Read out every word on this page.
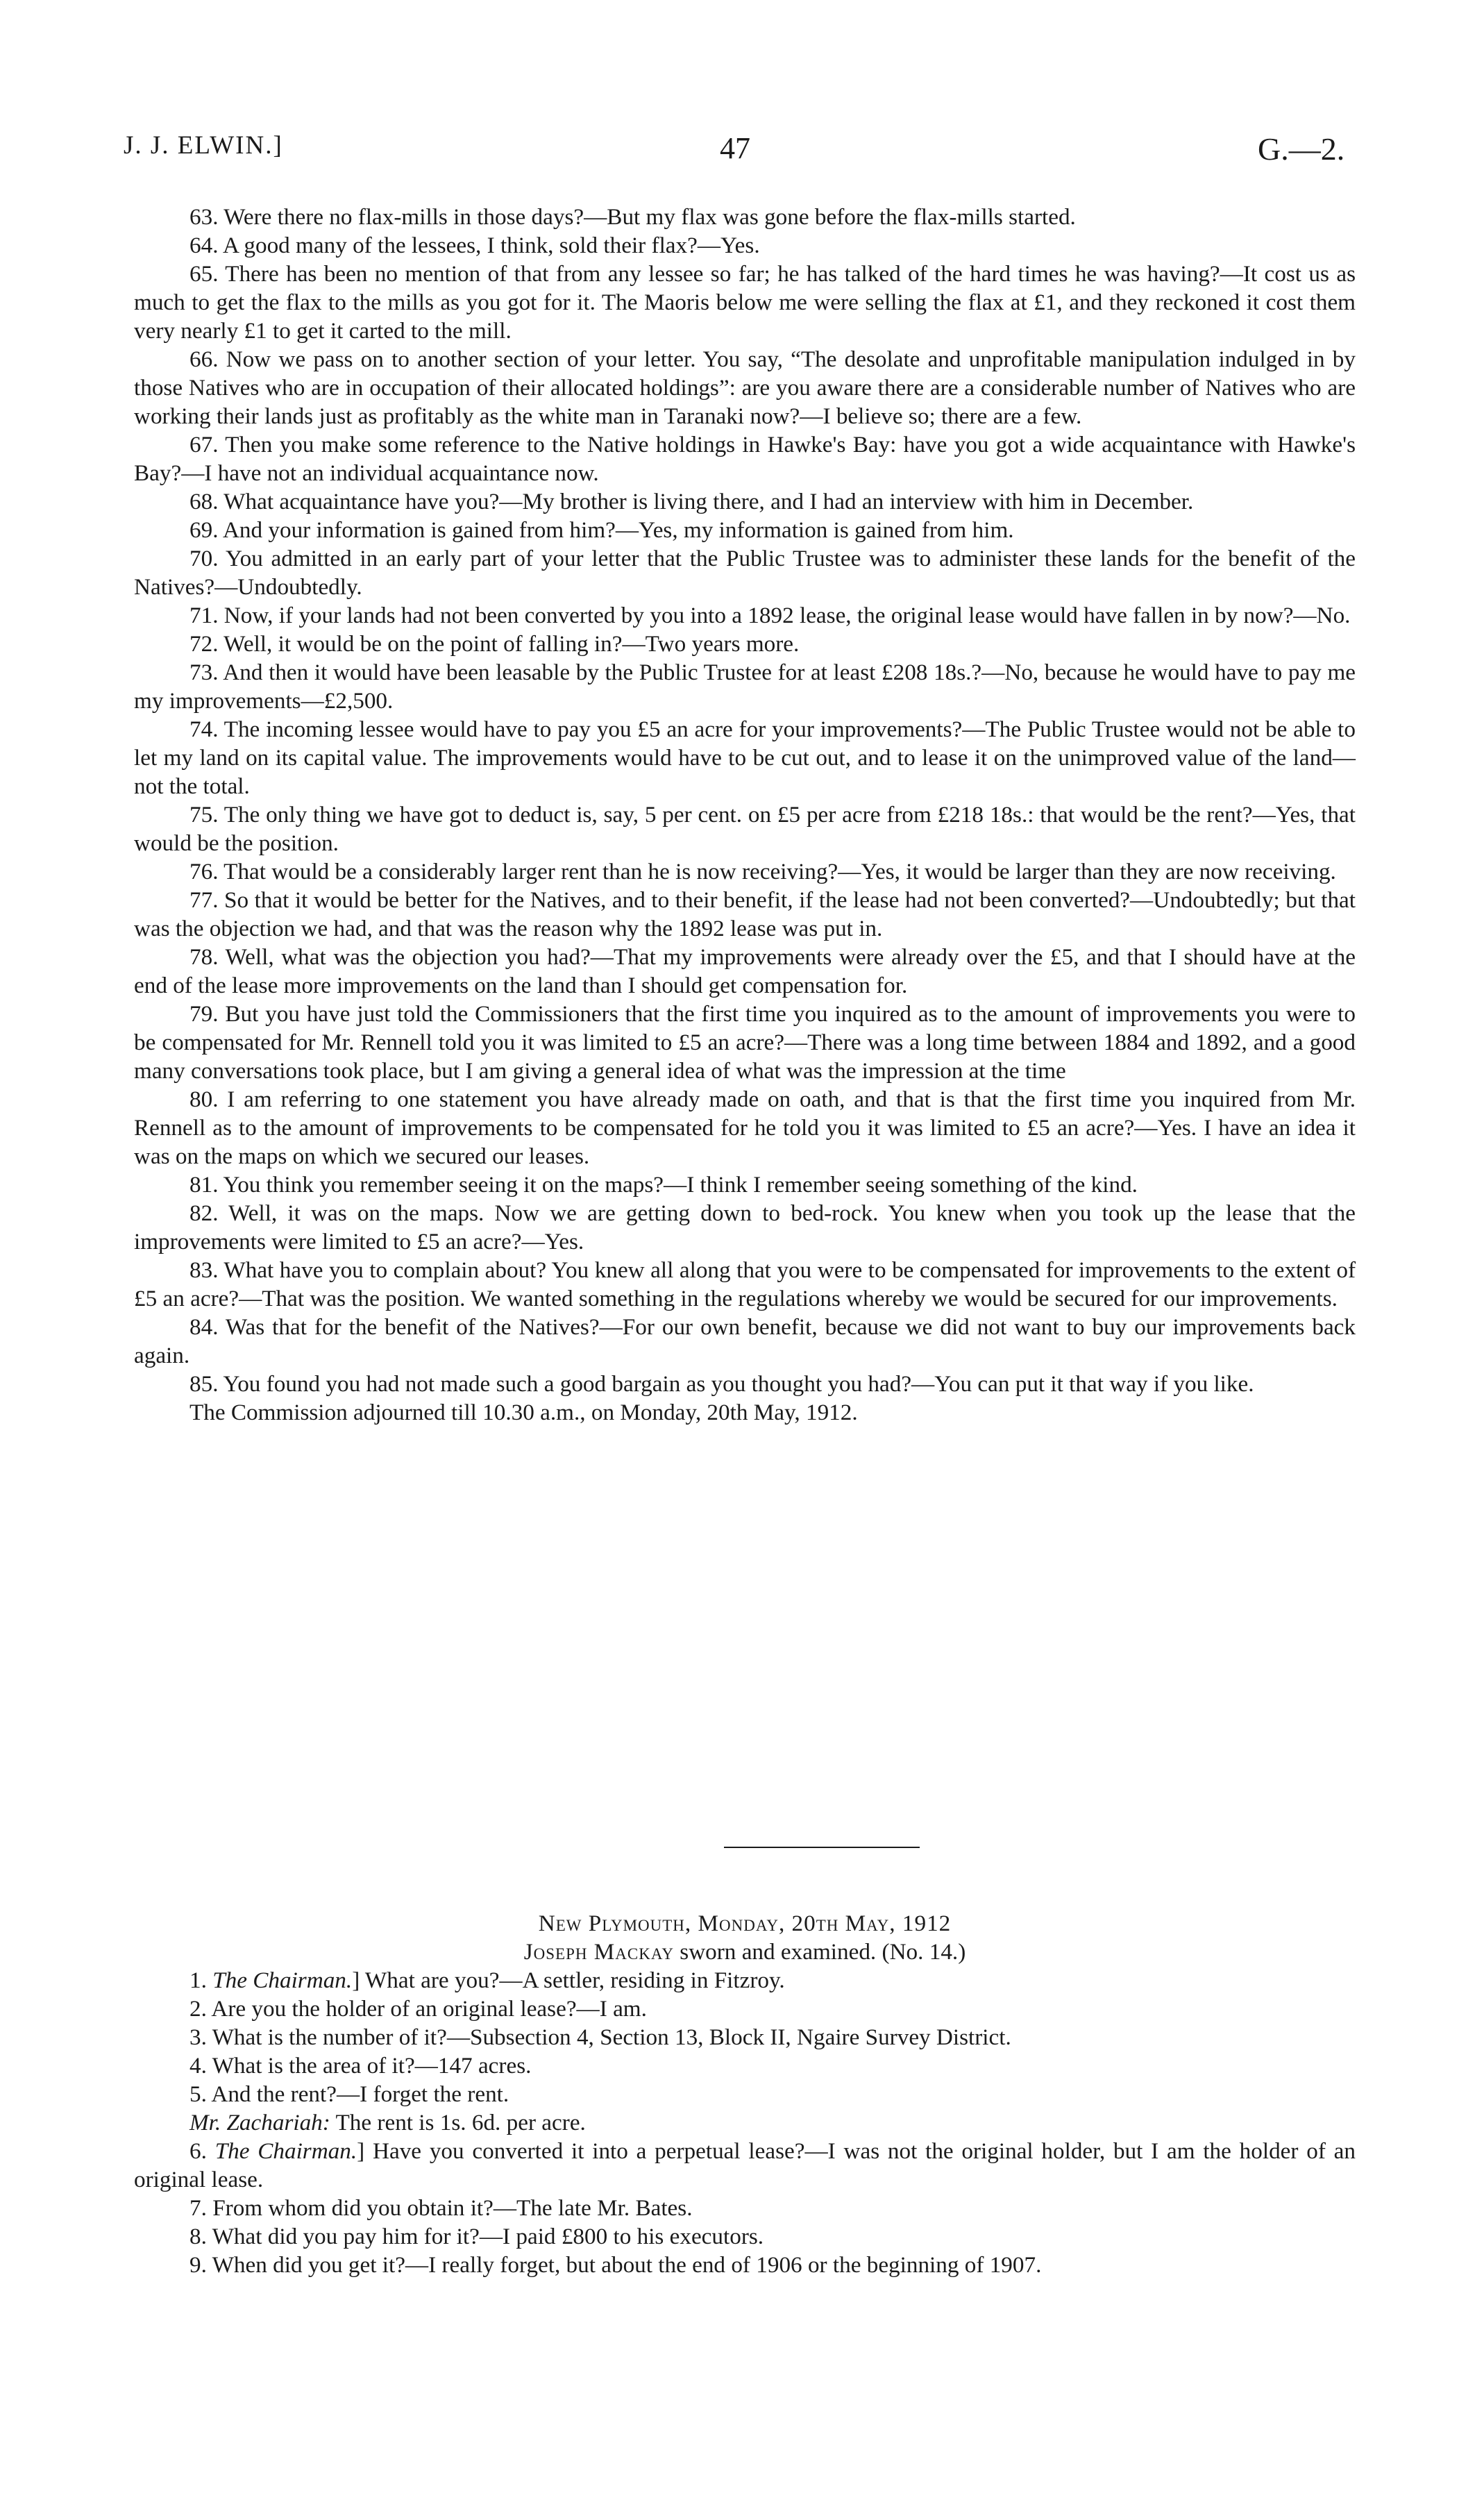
J. J. ELWIN.]	47	G.—2.

63. Were there no flax-mills in those days?—But my flax was gone before the flax-mills started.

64. A good many of the lessees, I think, sold their flax?—Yes.

65. There has been no mention of that from any lessee so far; he has talked of the hard times he was having?—It cost us as much to get the flax to the mills as you got for it. The Maoris below me were selling the flax at £1, and they reckoned it cost them very nearly £1 to get it carted to the mill.

66. Now we pass on to another section of your letter. You say, “The desolate and unprofitable manipulation indulged in by those Natives who are in occupation of their allocated holdings”: are you aware there are a considerable number of Natives who are working their lands just as profitably as the white man in Taranaki now?—I believe so; there are a few.

67. Then you make some reference to the Native holdings in Hawke's Bay: have you got a wide acquaintance with Hawke's Bay?—I have not an individual acquaintance now.

68. What acquaintance have you?—My brother is living there, and I had an interview with him in December.

69. And your information is gained from him?—Yes, my information is gained from him.

70. You admitted in an early part of your letter that the Public Trustee was to administer these lands for the benefit of the Natives?—Undoubtedly.

71. Now, if your lands had not been converted by you into a 1892 lease, the original lease would have fallen in by now?—No.

72. Well, it would be on the point of falling in?—Two years more.

73. And then it would have been leasable by the Public Trustee for at least £208 18s.?—No, because he would have to pay me my improvements—£2,500.

74. The incoming lessee would have to pay you £5 an acre for your improvements?—The Public Trustee would not be able to let my land on its capital value. The improvements would have to be cut out, and to lease it on the unimproved value of the land—not the total.

75. The only thing we have got to deduct is, say, 5 per cent. on £5 per acre from £218 18s.: that would be the rent?—Yes, that would be the position.

76. That would be a considerably larger rent than he is now receiving?—Yes, it would be larger than they are now receiving.

77. So that it would be better for the Natives, and to their benefit, if the lease had not been converted?—Undoubtedly; but that was the objection we had, and that was the reason why the 1892 lease was put in.

78. Well, what was the objection you had?—That my improvements were already over the £5, and that I should have at the end of the lease more improvements on the land than I should get compensation for.

79. But you have just told the Commissioners that the first time you inquired as to the amount of improvements you were to be compensated for Mr. Rennell told you it was limited to £5 an acre?—There was a long time between 1884 and 1892, and a good many conversations took place, but I am giving a general idea of what was the impression at the time

80. I am referring to one statement you have already made on oath, and that is that the first time you inquired from Mr. Rennell as to the amount of improvements to be compensated for he told you it was limited to £5 an acre?—Yes. I have an idea it was on the maps on which we secured our leases.

81. You think you remember seeing it on the maps?—I think I remember seeing something of the kind.

82. Well, it was on the maps. Now we are getting down to bed-rock. You knew when you took up the lease that the improvements were limited to £5 an acre?—Yes.

83. What have you to complain about? You knew all along that you were to be compensated for improvements to the extent of £5 an acre?—That was the position. We wanted something in the regulations whereby we would be secured for our improvements.

84. Was that for the benefit of the Natives?—For our own benefit, because we did not want to buy our improvements back again.

85. You found you had not made such a good bargain as you thought you had?—You can put it that way if you like.

The Commission adjourned till 10.30 a.m., on Monday, 20th May, 1912.

New Plymouth, Monday, 20th May, 1912

Joseph Mackay sworn and examined. (No. 14.)

1. The Chairman.] What are you?—A settler, residing in Fitzroy.

2. Are you the holder of an original lease?—I am.

3. What is the number of it?—Subsection 4, Section 13, Block II, Ngaire Survey District.

4. What is the area of it?—147 acres.

5. And the rent?—I forget the rent.

Mr. Zachariah: The rent is 1s. 6d. per acre.

6. The Chairman.] Have you converted it into a perpetual lease?—I was not the original holder, but I am the holder of an original lease.

7. From whom did you obtain it?—The late Mr. Bates.

8. What did you pay him for it?—I paid £800 to his executors.

9. When did you get it?—I really forget, but about the end of 1906 or the beginning of 1907.
